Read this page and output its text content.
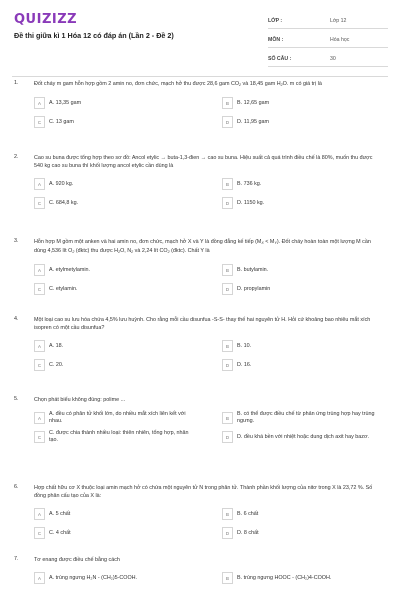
QUIZIZZ
Đề thi giữa kì 1 Hóa 12 có đáp án (Lần 2 - Đề 2)
LỚP :	Lớp 12
MÔN :	Hóa học
SỐ CÂU :	30
1.	Đốt cháy m gam hỗn hợp gồm 2 amin no, đơn chức, mạch hở thu được 28,6 gam $CO_2$ và 18,45 gam $H_2O$. m có giá trị là
A	A. 13,35 gam	B	B. 12,65 gam
C	C. 13 gam	D	D. 11,95 gam
2.	Cao su buna được tổng hợp theo sơ đồ: Ancol etylic → buta-1,3-đien → cao su buna. Hiệu suất cả quá trình điều chế là 80%, muốn thu được 540 kg cao su buna thì khối lượng ancol etylic cần dùng là
A	A. 920 kg.	B	B. 736 kg.
C	C. 684,8 kg.	D	D. 1150 kg.
3.	Hỗn hợp M gồm một anken và hai amin no, đơn chức, mạch hở X và Y là đồng đẳng kế tiếp $(M_X < M_Y)$. Đốt cháy hoàn toàn một lượng M cần dùng 4,536 lít $O_2$ (đktc) thu được $H_2O$, $N_2$ và 2,24 lít $CO_2$ (đktc). Chất Y là
A	A. etylmetylamin.	B	B. butylamin.
C	C. etylamin.	D	D. propylamin
4.	Một loại cao su lưu hóa chứa 4,5% lưu huỳnh. Cho rằng mỗi cầu disunfua -S-S- thay thế hai nguyên tử H. Hỏi cứ khoảng bao nhiêu mắt xích isopren có một cầu disunfua?
A	A. 18.	B	B. 10.
C	C. 20.	D	D. 16.
5.	Chọn phát biểu không đúng: polime ...
A
A. đều có phân tử khối lớn, do nhiều mắt xích liên kết với nhau.	B
B. có thể được điều chế từ phản ứng trùng hợp hay trùng ngưng.
C
C. được chia thành nhiều loại: thiên nhiên, tổng hợp, nhân tạo.	D	D. đều khá bền với nhiệt hoặc dung dịch axit hay bazơ.
6.	Hợp chất hữu cơ X thuộc loại amin mạch hở có chứa một nguyên tử N trong phân tử. Thành phần khối lượng của nitơ trong X là 23,72 %. Số đồng phân cấu tạo của X là:
A	A. 5 chất	B	B. 6 chất
C	C. 4 chất	D	D. 8 chất
7.	Tơ enang được điều chế bằng cách
A	A. trùng ngưng H₂N - (CH₂)5-COOH.	B	B. trùng ngưng HOOC - (CH₂)4-COOH.
